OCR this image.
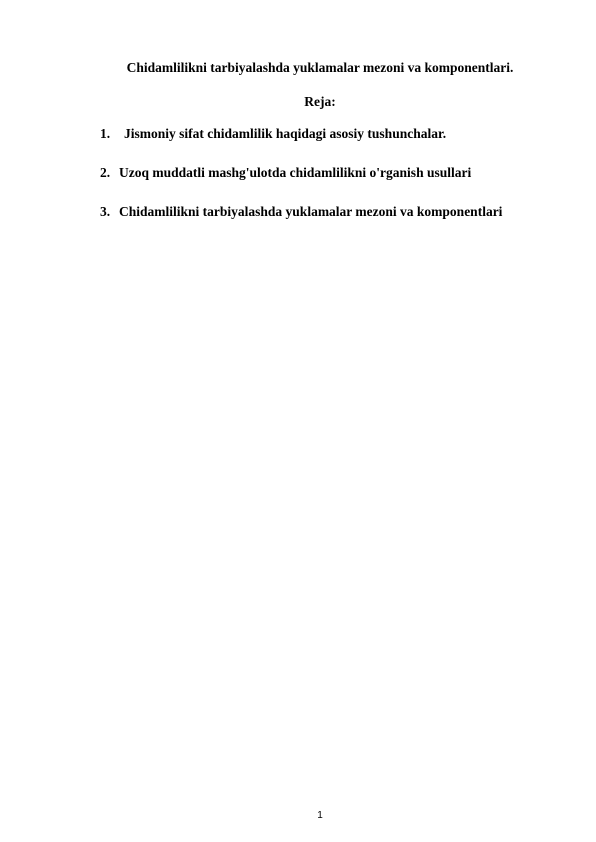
Chidamlilikni tarbiyalashda yuklamalar mezoni va komponentlari.
Reja:
1. Jismoniy sifat chidamlilik haqidagi asosiy tushunchalar.
2. Uzoq muddatli mashg'ulotda chidamlilikni o'rganish usullari
3. Chidamlilikni tarbiyalashda yuklamalar mezoni va komponentlari
1
